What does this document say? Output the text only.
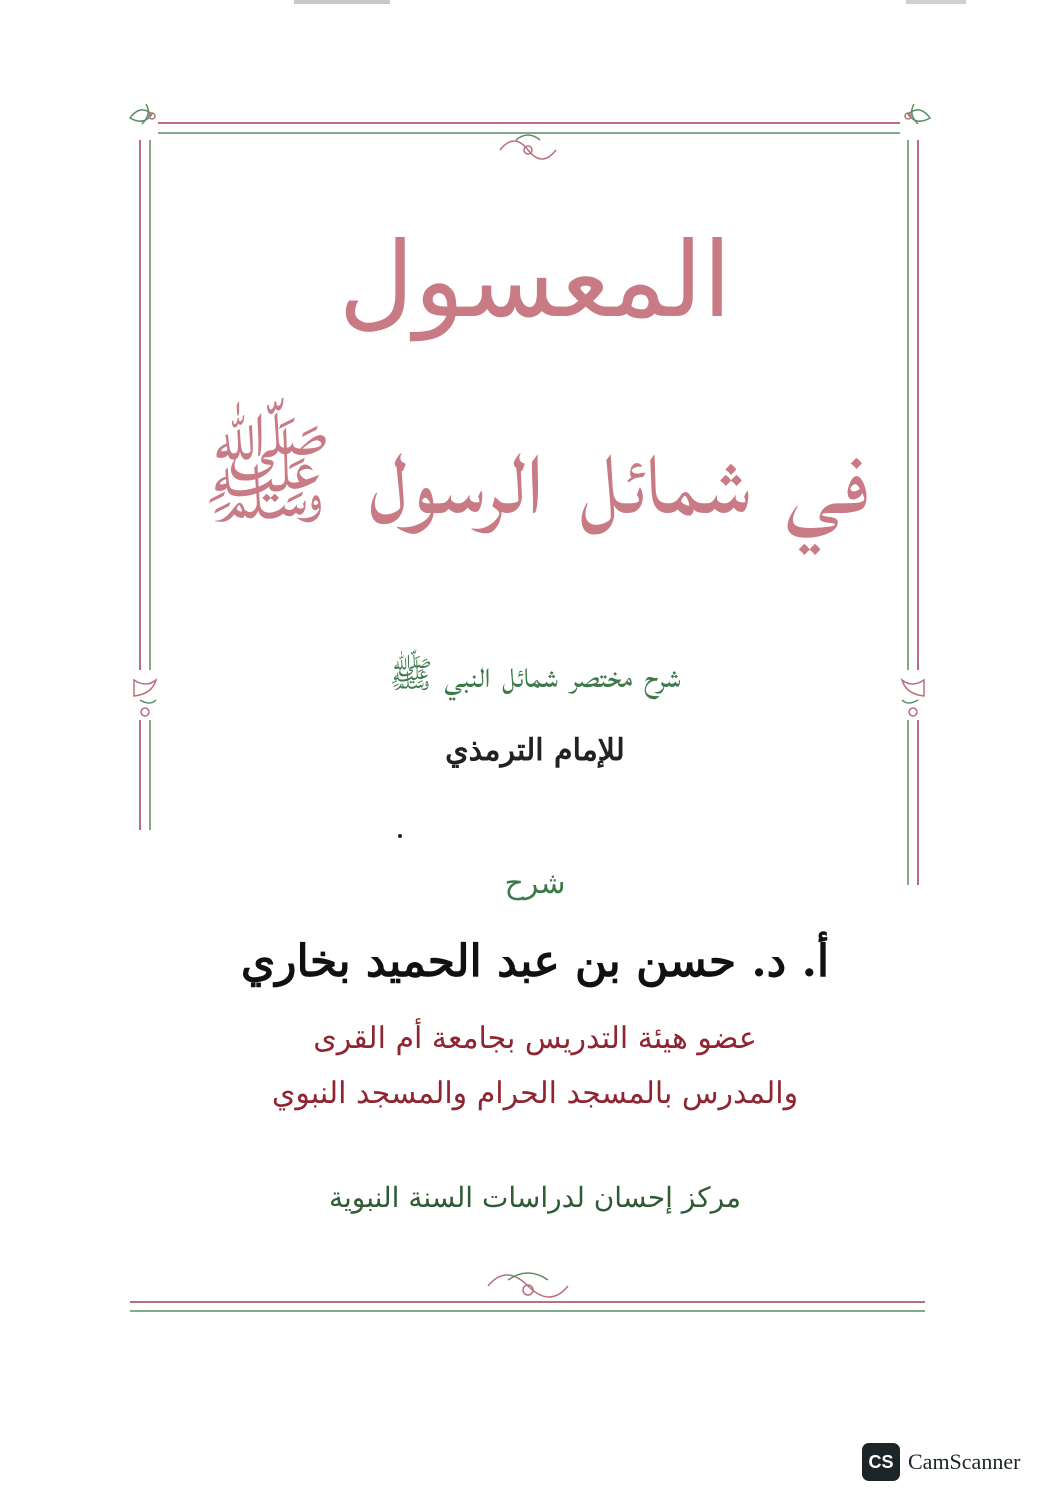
المعسول
في شمائل الرسول ﷺ
شرح مختصر شمائل النبي ﷺ
للإمام الترمذي
شرح
أ. د. حسن بن عبد الحميد بخاري
عضو هيئة التدريس بجامعة أم القرى
والمدرس بالمسجد الحرام والمسجد النبوي
مركز إحسان لدراسات السنة النبوية
CS CamScanner
